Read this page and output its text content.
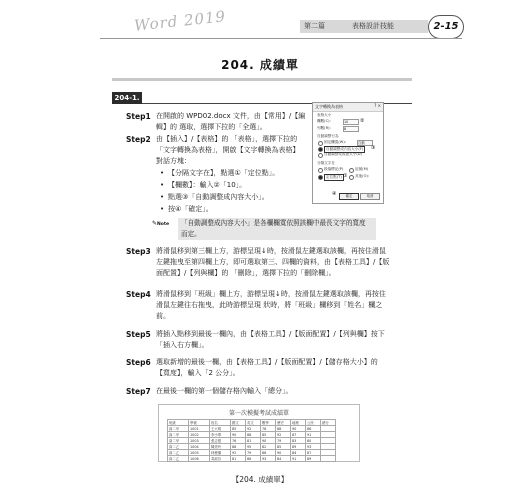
Word 2019	第二篇	表格設計技能	2-15
204. 成績單
204-1.
Step1 在開啟的 WPD02.docx 文件，由【常用】/【編
輯】的 選取，選擇下拉的「全選」。
Step2 由【插入】/【表格】的 「表格」，選擇下拉的
「文字轉換為表格」，開啟【文字轉換為表格】
對話方塊：
• 【分隔文字在】，點選①「定位點」。
• 【欄數】：輸入②「10」。
• 點選③「自動調整成內容大小」。
• 按④「確定」。
文字轉換為表格	? ×
表格大小
欄數(C):	10	②
列數(R):	8
自動調整行為
固定欄寬(W):	自動
自動調整成內容大小(F)	③
自動調整成視窗大小(D)
分隔文字在
段落標記(P)	逗號(M)
定位點(T) ① 其他(O):
確定
④	取消
✎Note	「自動調整成內容大小」是各欄欄寬依照該欄中最長文字的寬度
而定。
Step3 將滑鼠移到第三欄上方，游標呈現↓時，按滑鼠左鍵選取該欄，再按住滑鼠
左鍵拖曳至第四欄上方，即可選取第三、四欄的資料，由【表格工具】/【版
面配置】/【列與欄】的 「刪除」，選擇下拉的「刪除欄」。
Step4 將滑鼠移到「班級」欄上方，游標呈現↓時，按滑鼠左鍵選取該欄，再按住
滑鼠左鍵往右拖曳，此時游標呈現 狀時，將「班級」欄移到「姓名」欄之
前。
Step5 將插入點移到最後一欄內，由【表格工具】/【版面配置】/【列與欄】按下
「插入右方欄」。
Step6 選取新增的最後一欄，由【表格工具】/【版面配置】/【儲存格大小】的
【寬度】，輸入「2 公分」。
Step7 在最後一欄的第一個儲存格內輸入「總分」。
第一次模擬考試成績單
班級	學號	姓名	國文	英文	數學	歷史	地理	公民	總分
資二甲	1001	王大明	85	92	78	88	90	86	
資二甲	1002	李小華	90	88	85	92	87	91	
資二甲	1003	張志強	76	81	90	79	83	80	
資二乙	1004	陳美玲	88	95	82	85	89	93	
資二乙	1005	林俊傑	92	79	88	90	84	87	
資二乙	1006	黃淑芬	81	86	93	84	91	89	
【204. 成績單】
